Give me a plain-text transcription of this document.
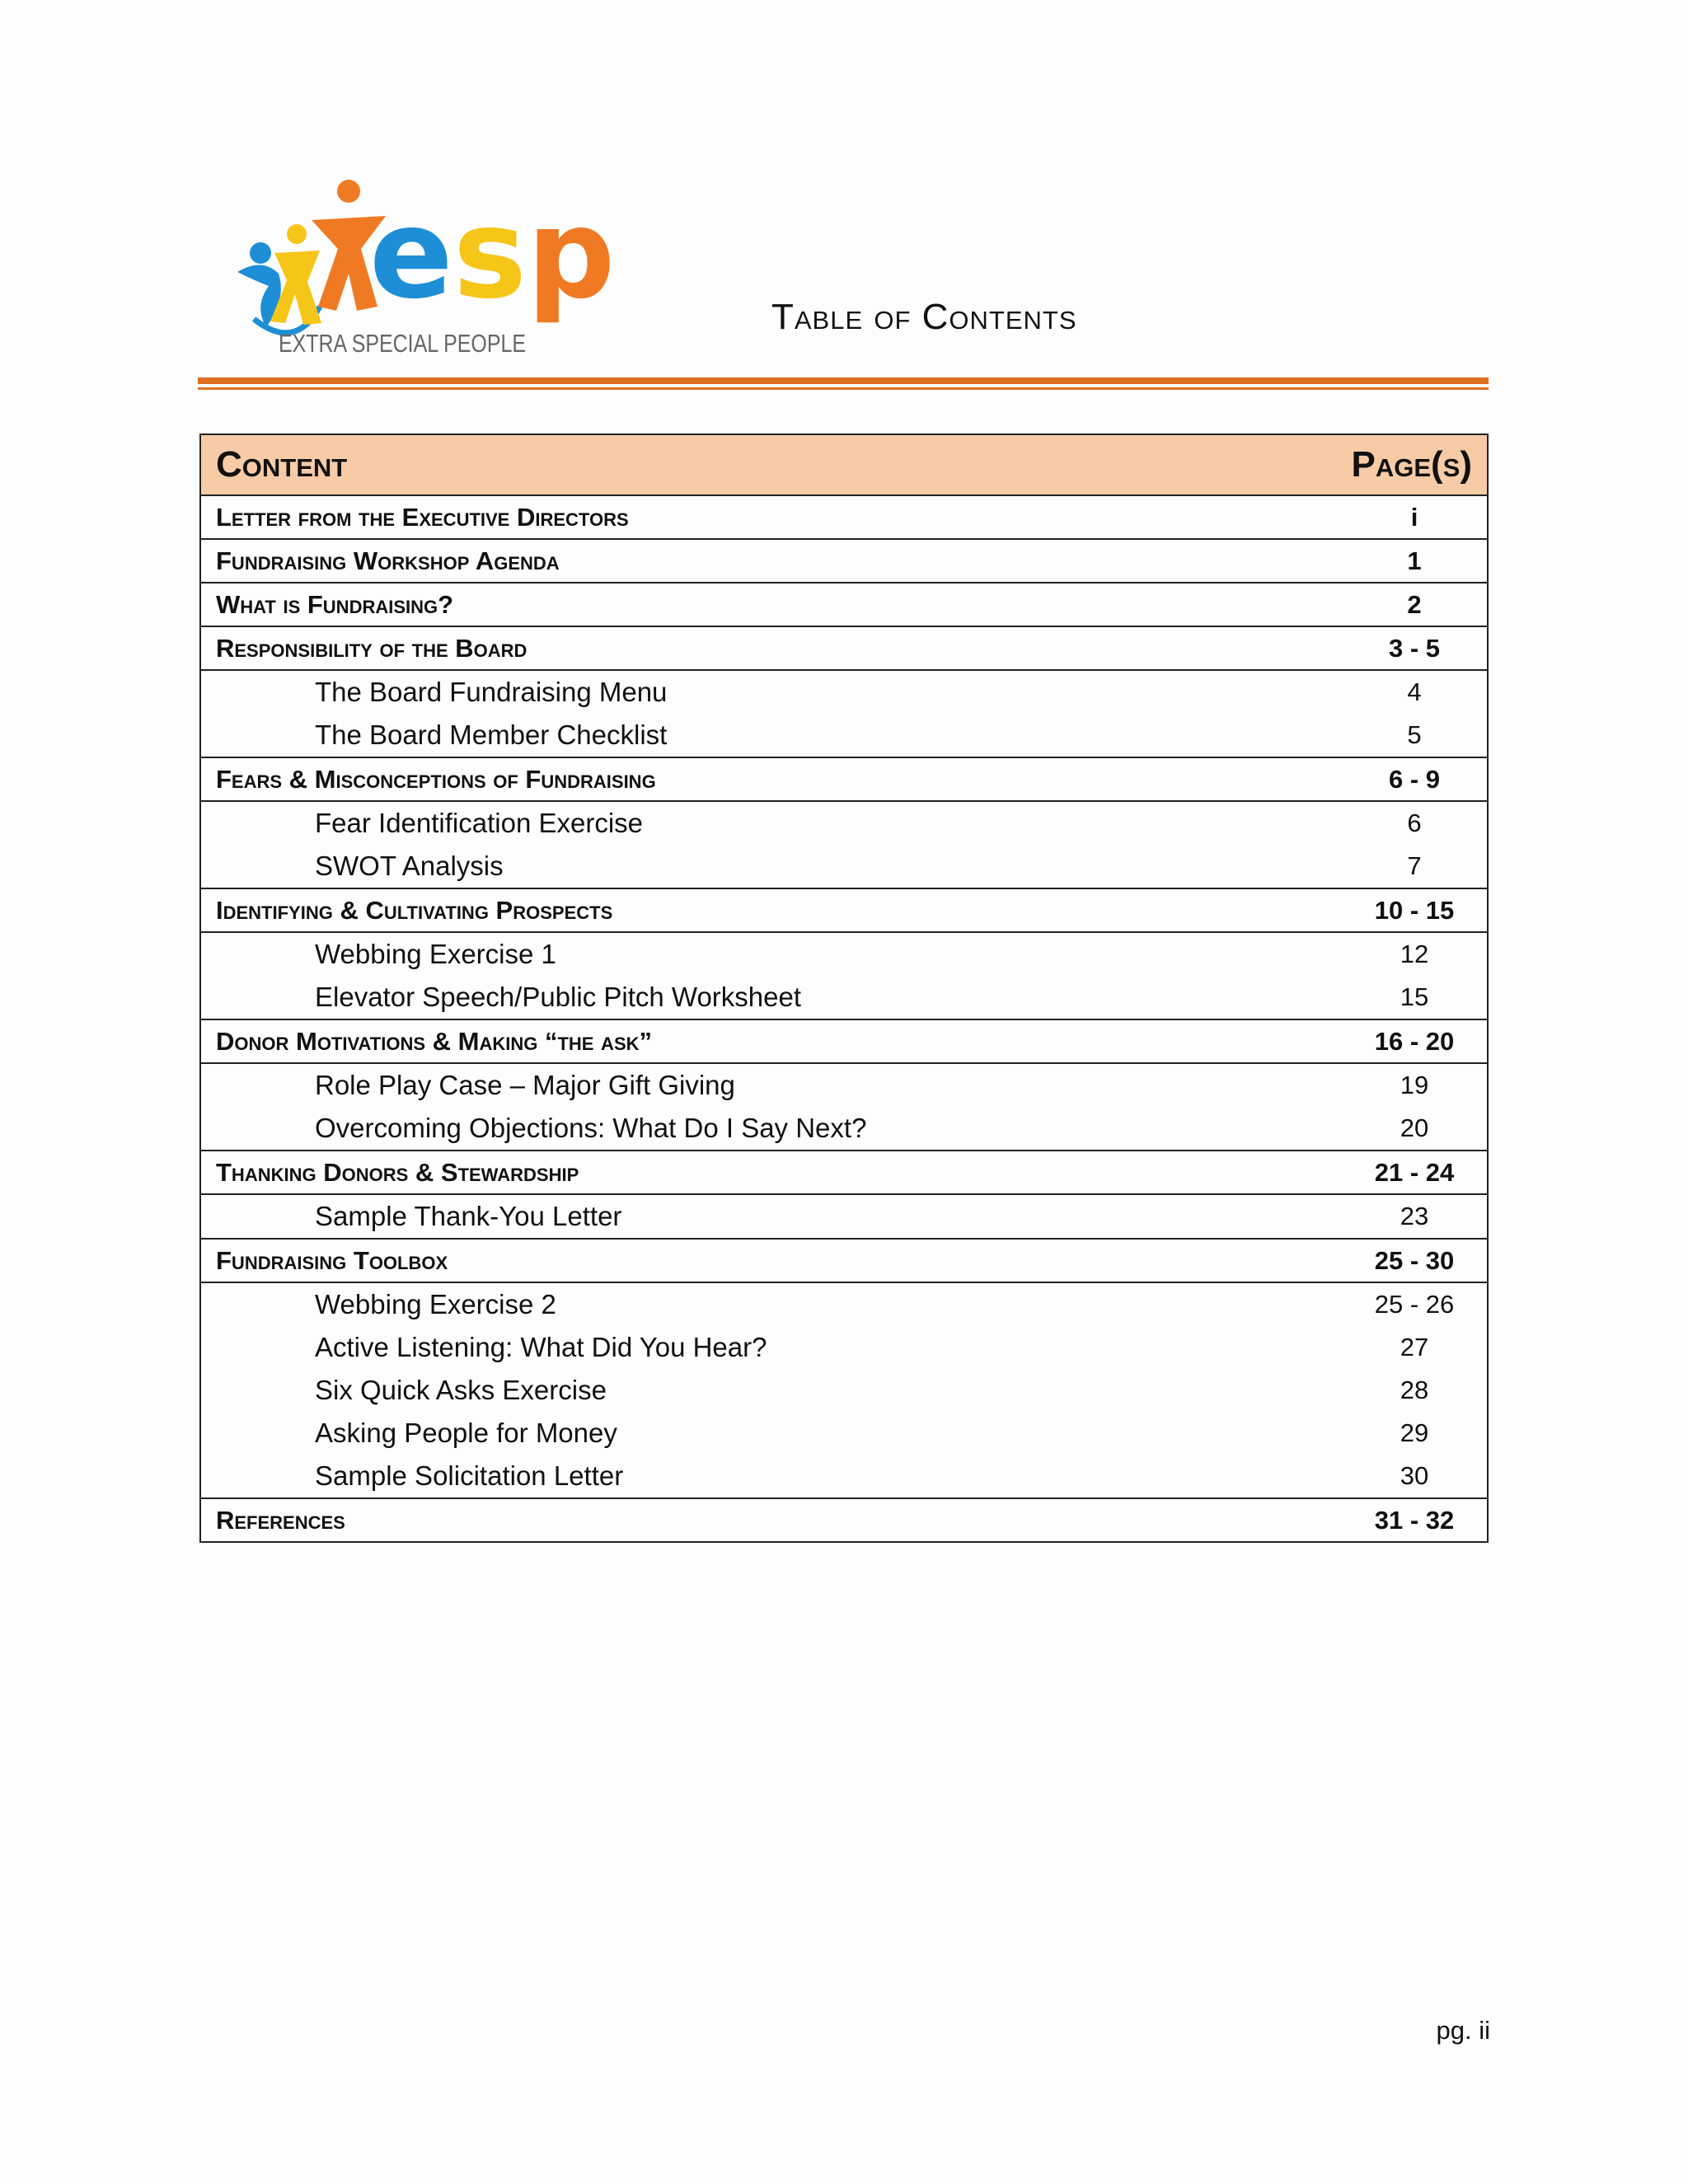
esp
EXTRA SPECIAL PEOPLE
Table of Contents
Content	Page(s)
Letter from the Executive Directors	i
Fundraising Workshop Agenda	1
What is Fundraising?	2
Responsibility of the Board	3 - 5
The Board Fundraising Menu	4
The Board Member Checklist	5
Fears & Misconceptions of Fundraising	6 - 9
Fear Identification Exercise	6
SWOT Analysis	7
Identifying & Cultivating Prospects	10 - 15
Webbing Exercise 1	12
Elevator Speech/Public Pitch Worksheet	15
Donor Motivations & Making “the ask”	16 - 20
Role Play Case – Major Gift Giving	19
Overcoming Objections: What Do I Say Next?	20
Thanking Donors & Stewardship	21 - 24
Sample Thank-You Letter	23
Fundraising Toolbox	25 - 30
Webbing Exercise 2	25 - 26
Active Listening: What Did You Hear?	27
Six Quick Asks Exercise	28
Asking People for Money	29
Sample Solicitation Letter	30
References	31 - 32
pg. ii
